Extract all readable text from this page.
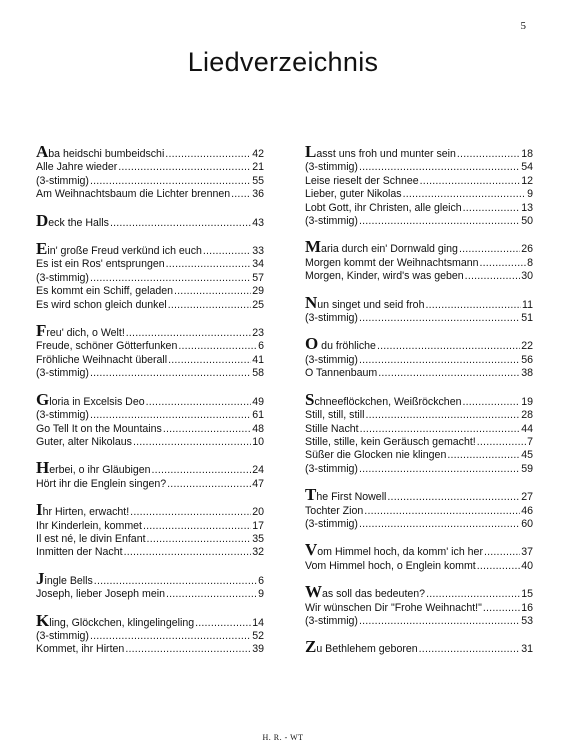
5
Liedverzeichnis
Aba heidschi bumbeidschi .....	42
Alle Jahre wieder .....	21
(3-stimmig) .....	55
Am Weihnachtsbaum die Lichter brennen ..... 36
Deck the Halls .....	43
Ein' große Freud verkünd ich euch .....	33
Es ist ein Ros' entsprungen .....	34
(3-stimmig) .....	57
Es kommt ein Schiff, geladen .....	29
Es wird schon gleich dunkel .....	25
Freu' dich, o Welt! .....	23
Freude, schöner Götterfunken .....	6
Fröhliche Weihnacht überall .....	41
(3-stimmig) .....	58
Gloria in Excelsis Deo .....	49
(3-stimmig) .....	61
Go Tell It on the Mountains .....	48
Guter, alter Nikolaus .....	10
Herbei, o ihr Gläubigen .....	24
Hört ihr die Englein singen? .....	47
Ihr Hirten, erwacht! .....	20
Ihr Kinderlein, kommet .....	17
Il est né, le divin Enfant .....	35
Inmitten der Nacht .....	32
Jingle Bells .....	6
Joseph, lieber Joseph mein .....	9
Kling, Glöckchen, klingelingeling .....	14
(3-stimmig) .....	52
Kommet, ihr Hirten .....	39
Lasst uns froh und munter sein .....	18
(3-stimmig) .....	54
Leise rieselt der Schnee .....	12
Lieber, guter Nikolas .....	9
Lobt Gott, ihr Christen, alle gleich .....	13
(3-stimmig) .....	50
Maria durch ein' Dornwald ging .....	26
Morgen kommt der Weihnachtsmann .....	8
Morgen, Kinder, wird's was geben .....	30
Nun singet und seid froh .....	11
(3-stimmig) .....	51
O du fröhliche .....	22
(3-stimmig) .....	56
O Tannenbaum .....	38
Schneeflöckchen, Weißröckchen .....	19
Still, still, still .....	28
Stille Nacht .....	44
Stille, stille, kein Geräusch gemacht! .....	7
Süßer die Glocken nie klingen .....	45
(3-stimmig) .....	59
The First Nowell .....	27
Tochter Zion .....	46
(3-stimmig) .....	60
Vom Himmel hoch, da komm' ich her .....	37
Vom Himmel hoch, o Englein kommt .....	40
Was soll das bedeuten? .....	15
Wir wünschen Dir "Frohe Weihnacht!" .....	16
(3-stimmig) .....	53
Zu Bethlehem geboren .....	31
H. R. - WT
